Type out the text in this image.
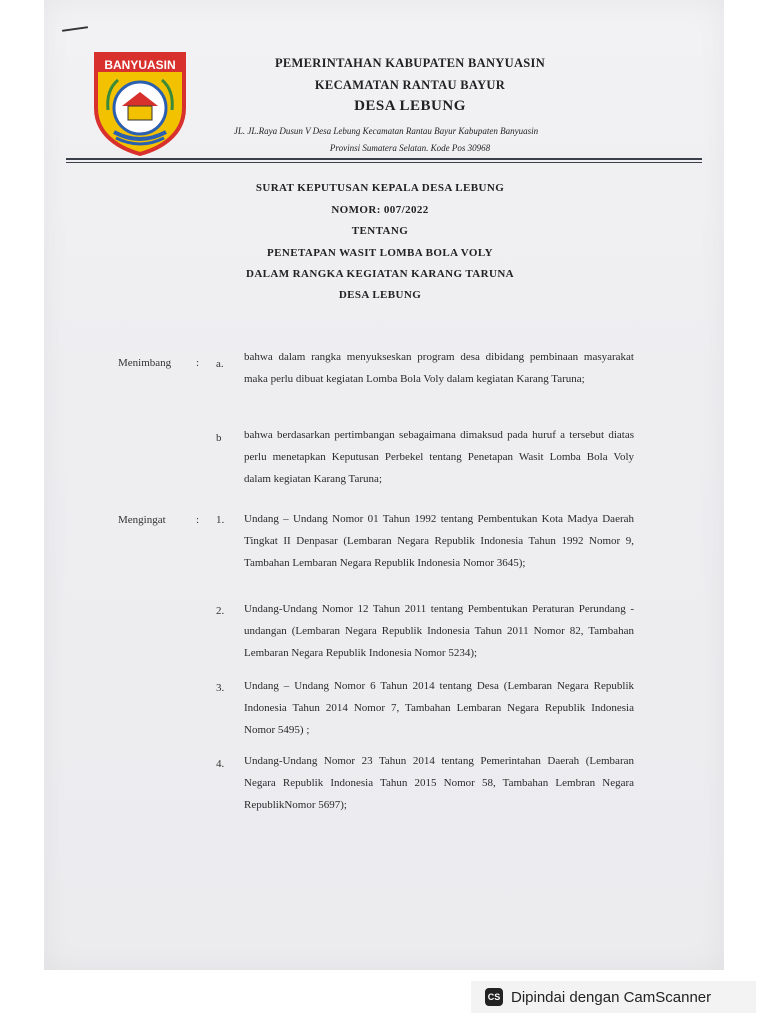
BANYUASIN	PEMERINTAHAN KABUPATEN BANYUASIN
KECAMATAN RANTAU BAYUR
DESA LEBUNG
JL. JL.Raya Dusun V Desa Lebung Kecamatan Rantau Bayur Kabupaten Banyuasin
Provinsi Sumatera Selatan. Kode Pos 30968
SURAT KEPUTUSAN KEPALA DESA LEBUNG
NOMOR: 007/2022
TENTANG
PENETAPAN WASIT LOMBA BOLA VOLY
DALAM RANGKA KEGIATAN KARANG TARUNA
DESA LEBUNG
Menimbang : a.
bahwa dalam rangka menyukseskan program desa dibidang pembinaan masyarakat maka perlu dibuat kegiatan Lomba Bola Voly dalam kegiatan Karang Taruna;
b bahwa berdasarkan pertimbangan sebagaimana dimaksud pada huruf a tersebut diatas perlu menetapkan Keputusan Perbekel tentang Penetapan Wasit Lomba Bola Voly dalam kegiatan Karang Taruna;
Mengingat	: 1. Undang – Undang Nomor 01 Tahun 1992 tentang Pembentukan Kota Madya Daerah Tingkat II Denpasar (Lembaran Negara Republik Indonesia Tahun 1992 Nomor 9, Tambahan Lembaran Negara Republik Indonesia Nomor 3645);
2. Undang-Undang Nomor 12 Tahun 2011 tentang Pembentukan Peraturan Perundang - undangan (Lembaran Negara Republik Indonesia Tahun 2011 Nomor 82, Tambahan Lembaran Negara Republik Indonesia Nomor 5234);
3. Undang – Undang Nomor 6 Tahun 2014 tentang Desa (Lembaran Negara Republik Indonesia Tahun 2014 Nomor 7, Tambahan Lembaran Negara Republik Indonesia Nomor 5495) ;
4. Undang-Undang Nomor 23 Tahun 2014 tentang Pemerintahan Daerah (Lembaran Negara Republik Indonesia Tahun 2015 Nomor 58, Tambahan Lembran Negara RepublikNomor 5697);
CS Dipindai dengan CamScanner
